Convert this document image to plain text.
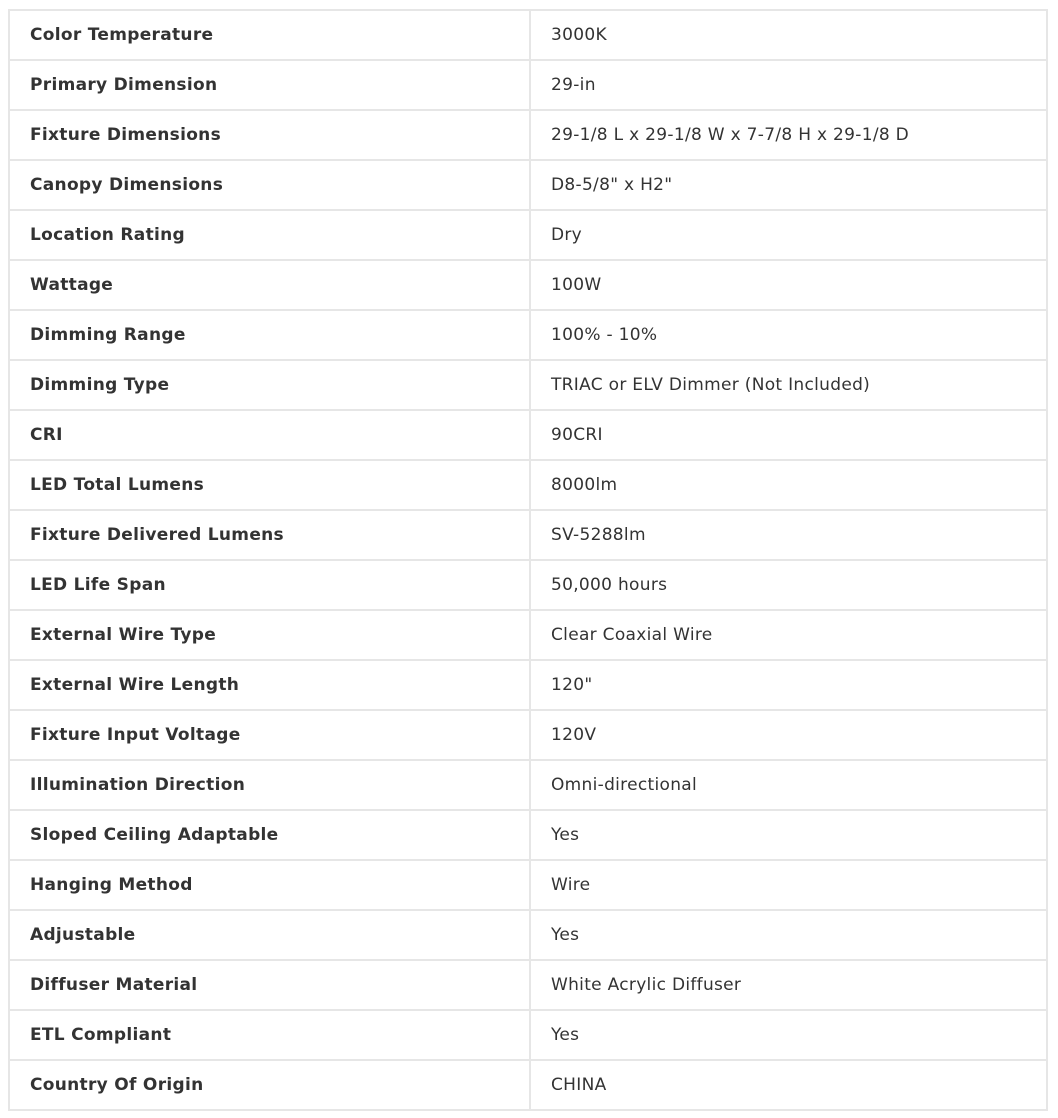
Color Temperature	3000K
Primary Dimension	29-in
Fixture Dimensions	29-1/8 L x 29-1/8 W x 7-7/8 H x 29-1/8 D
Canopy Dimensions	D8-5/8" x H2"
Location Rating	Dry
Wattage	100W
Dimming Range	100% - 10%
Dimming Type	TRIAC or ELV Dimmer (Not Included)
CRI	90CRI
LED Total Lumens	8000lm
Fixture Delivered Lumens	SV-5288lm
LED Life Span	50,000 hours
External Wire Type	Clear Coaxial Wire
External Wire Length	120"
Fixture Input Voltage	120V
Illumination Direction	Omni-directional
Sloped Ceiling Adaptable	Yes
Hanging Method	Wire
Adjustable	Yes
Diffuser Material	White Acrylic Diffuser
ETL Compliant	Yes
Country Of Origin	CHINA
